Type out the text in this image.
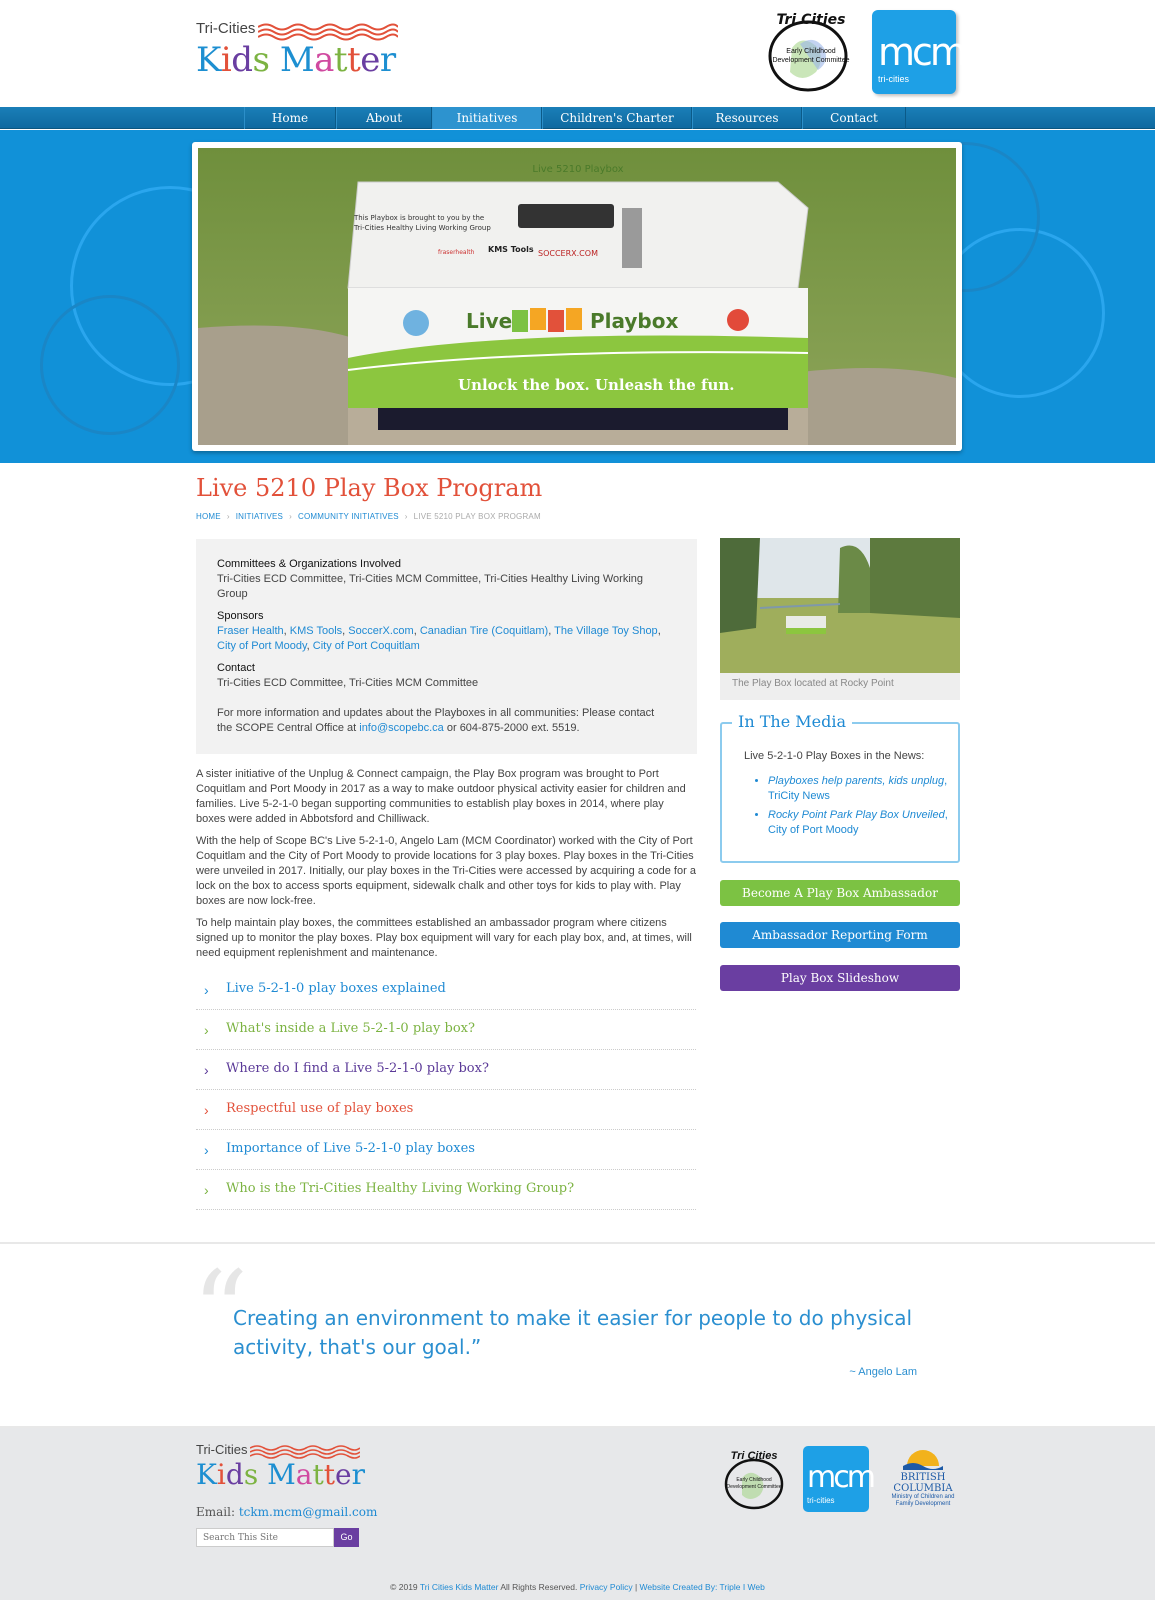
Tri-Cities
Kids Matter
Tri Cities
Early Childhood
Development Committee mcm
tri-cities
Home	About	Initiatives	Children's Charter	Resources	Contact
Live 5210 Playbox
This Playbox is brought to you by the
Tri-Cities Healthy Living Working Group
fraserhealth KMS Tools SOCCERX.COM
Live	Playbox
Unlock the box. Unleash the fun.
Live 5210 Play Box Program
HOME › INITIATIVES › COMMUNITY INITIATIVES › LIVE 5210 PLAY BOX PROGRAM
Committees & Organizations Involved
Tri-Cities ECD Committee, Tri-Cities MCM Committee, Tri-Cities Healthy Living Working Group
Sponsors
Fraser Health, KMS Tools, SoccerX.com, Canadian Tire (Coquitlam), The Village Toy Shop,
City of Port Moody, City of Port Coquitlam
Contact
Tri-Cities ECD Committee, Tri-Cities MCM Committee
For more information and updates about the Playboxes in all communities: Please contact the SCOPE Central Office at info@scopebc.ca or 604-875-2000 ext. 5519.

A sister initiative of the Unplug & Connect campaign, the Play Box program was brought to Port Coquitlam and Port Moody in 2017 as a way to make outdoor physical activity easier for children and families. Live 5-2-1-0 began supporting communities to establish play boxes in 2014, where play boxes were added in Abbotsford and Chilliwack.

With the help of Scope BC's Live 5-2-1-0, Angelo Lam (MCM Coordinator) worked with the City of Port Coquitlam and the City of Port Moody to provide locations for 3 play boxes. Play boxes in the Tri-Cities were unveiled in 2017. Initially, our play boxes in the Tri-Cities were accessed by acquiring a code for a lock on the box to access sports equipment, sidewalk chalk and other toys for kids to play with. Play boxes are now lock-free.

To help maintain play boxes, the committees established an ambassador program where citizens signed up to monitor the play boxes. Play box equipment will vary for each play box, and, at times, will need equipment replenishment and maintenance.

› Live 5-2-1-0 play boxes explained
› What's inside a Live 5-2-1-0 play box?
› Where do I find a Live 5-2-1-0 play box?
› Respectful use of play boxes
› Importance of Live 5-2-1-0 play boxes
› Who is the Tri-Cities Healthy Living Working Group?
The Play Box located at Rocky Point
In The Media
Live 5-2-1-0 Play Boxes in the News:
• Playboxes help parents, kids unplug, TriCity News
• Rocky Point Park Play Box Unveiled, City of Port Moody
Become A Play Box Ambassador
Ambassador Reporting Form
Play Box Slideshow
“
Creating an environment to make it easier for people to do physical activity, that's our goal.”
~ Angelo Lam
Tri-Cities
Kids Matter
Email: tckm.mcm@gmail.com
Search This Site
Go
Tri Cities
Early Childhood
Development Committee mcm
tri-cities
BRITISH COLUMBIA
Ministry of Children and Family Development
© 2019 Tri Cities Kids Matter All Rights Reserved. Privacy Policy | Website Created By: Triple I Web
